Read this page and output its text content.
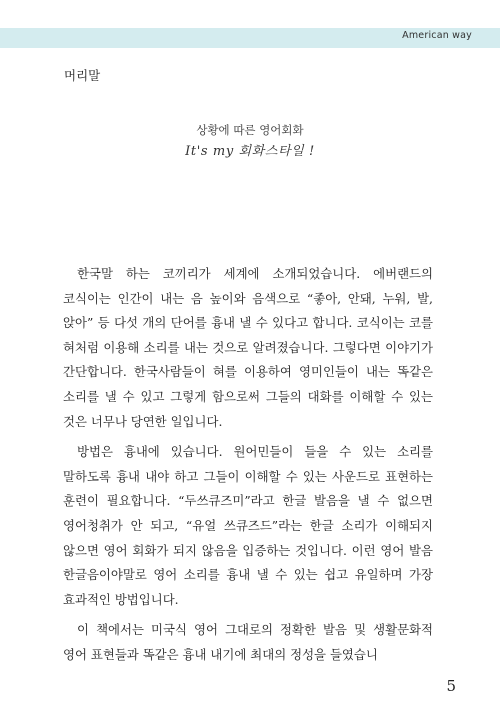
American way
머리말
상황에 따른 영어회화
It's my 회화스타일 !

한국말 하는 코끼리가 세계에 소개되었습니다. 에버랜드의 코식이는 인간이 내는 음 높이와 음색으로 “좋아, 안돼, 누워, 발, 앉아” 등 다섯 개의 단어를 흉내 낼 수 있다고 합니다. 코식이는 코를 혀처럼 이용해 소리를 내는 것으로 알려졌습니다. 그렇다면 이야기가 간단합니다. 한국사람들이 혀를 이용하여 영미인들이 내는 똑같은 소리를 낼 수 있고 그렇게 함으로써 그들의 대화를 이해할 수 있는 것은 너무나 당연한 일입니다.

방법은 흉내에 있습니다. 원어민들이 들을 수 있는 소리를 말하도록 흉내 내야 하고 그들이 이해할 수 있는 사운드로 표현하는 훈련이 필요합니다. “두쓰큐즈미”라고 한글 발음을 낼 수 없으면 영어청취가 안 되고, “유얼 쓰큐즈드”라는 한글 소리가 이해되지 않으면 영어 회화가 되지 않음을 입증하는 것입니다. 이런 영어 발음 한글음이야말로 영어 소리를 흉내 낼 수 있는 쉽고 유일하며 가장 효과적인 방법입니다.

이 책에서는 미국식 영어 그대로의 정확한 발음 및 생활문화적 영어 표현들과 똑같은 흉내 내기에 최대의 정성을 들였습니

5
